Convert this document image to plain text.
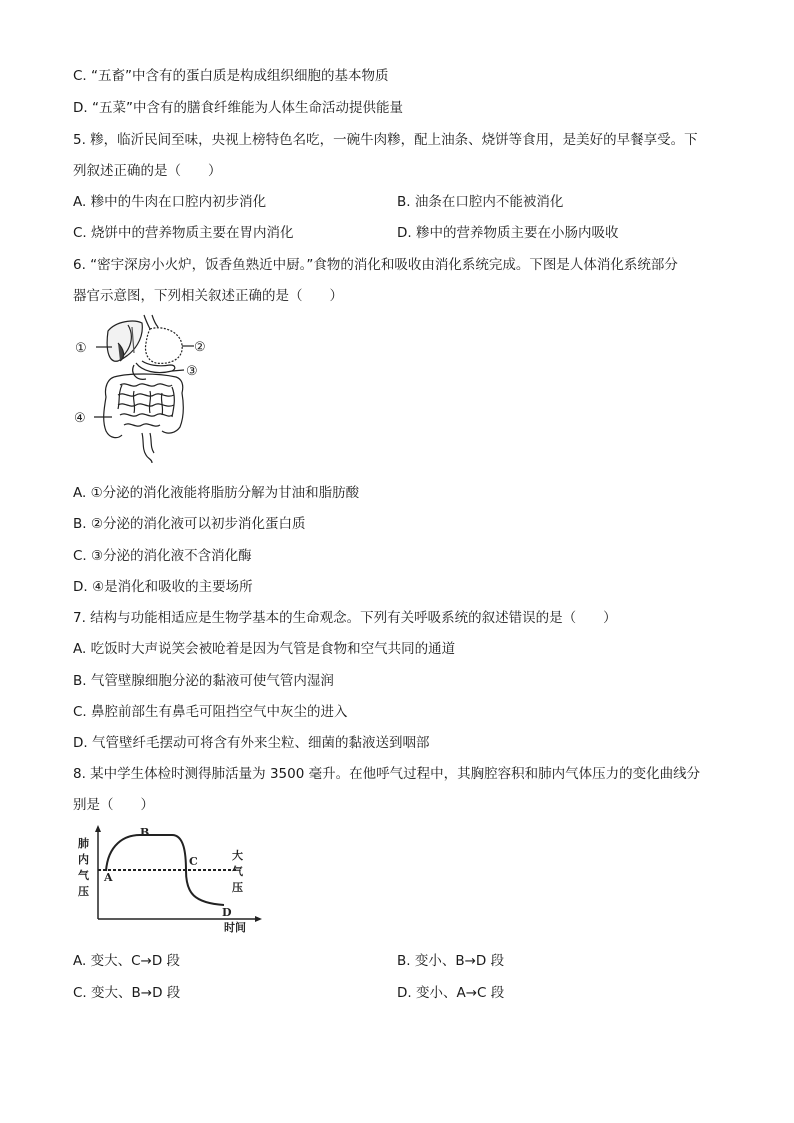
C. “五畜”中含有的蛋白质是构成组织细胞的基本物质
D. “五菜”中含有的膳食纤维能为人体生命活动提供能量
5. 糁，临沂民间至味，央视上榜特色名吃，一碗牛肉糁，配上油条、烧饼等食用，是美好的早餐享受。下
列叙述正确的是（　　）
A. 糁中的牛肉在口腔内初步消化	B. 油条在口腔内不能被消化
C. 烧饼中的营养物质主要在胃内消化	D. 糁中的营养物质主要在小肠内吸收
6. “密宇深房小火炉，饭香鱼熟近中厨。”食物的消化和吸收由消化系统完成。下图是人体消化系统部分
器官示意图，下列相关叙述正确的是（　　）
①	②
③
④
A. ①分泌的消化液能将脂肪分解为甘油和脂肪酸
B. ②分泌的消化液可以初步消化蛋白质
C. ③分泌的消化液不含消化酶
D. ④是消化和吸收的主要场所
7. 结构与功能相适应是生物学基本的生命观念。下列有关呼吸系统的叙述错误的是（　　）
A. 吃饭时大声说笑会被呛着是因为气管是食物和空气共同的通道
B. 气管壁腺细胞分泌的黏液可使气管内湿润
C. 鼻腔前部生有鼻毛可阻挡空气中灰尘的进入
D. 气管壁纤毛摆动可将含有外来尘粒、细菌的黏液送到咽部
8. 某中学生体检时测得肺活量为 3500 毫升。在他呼气过程中，其胸腔容积和肺内气体压力的变化曲线分
别是（　　）
肺
内
气
压
大
气
压
时间
A
B
C
D
A. 变大、C→D 段	B. 变小、B→D 段
C. 变大、B→D 段	D. 变小、A→C 段
